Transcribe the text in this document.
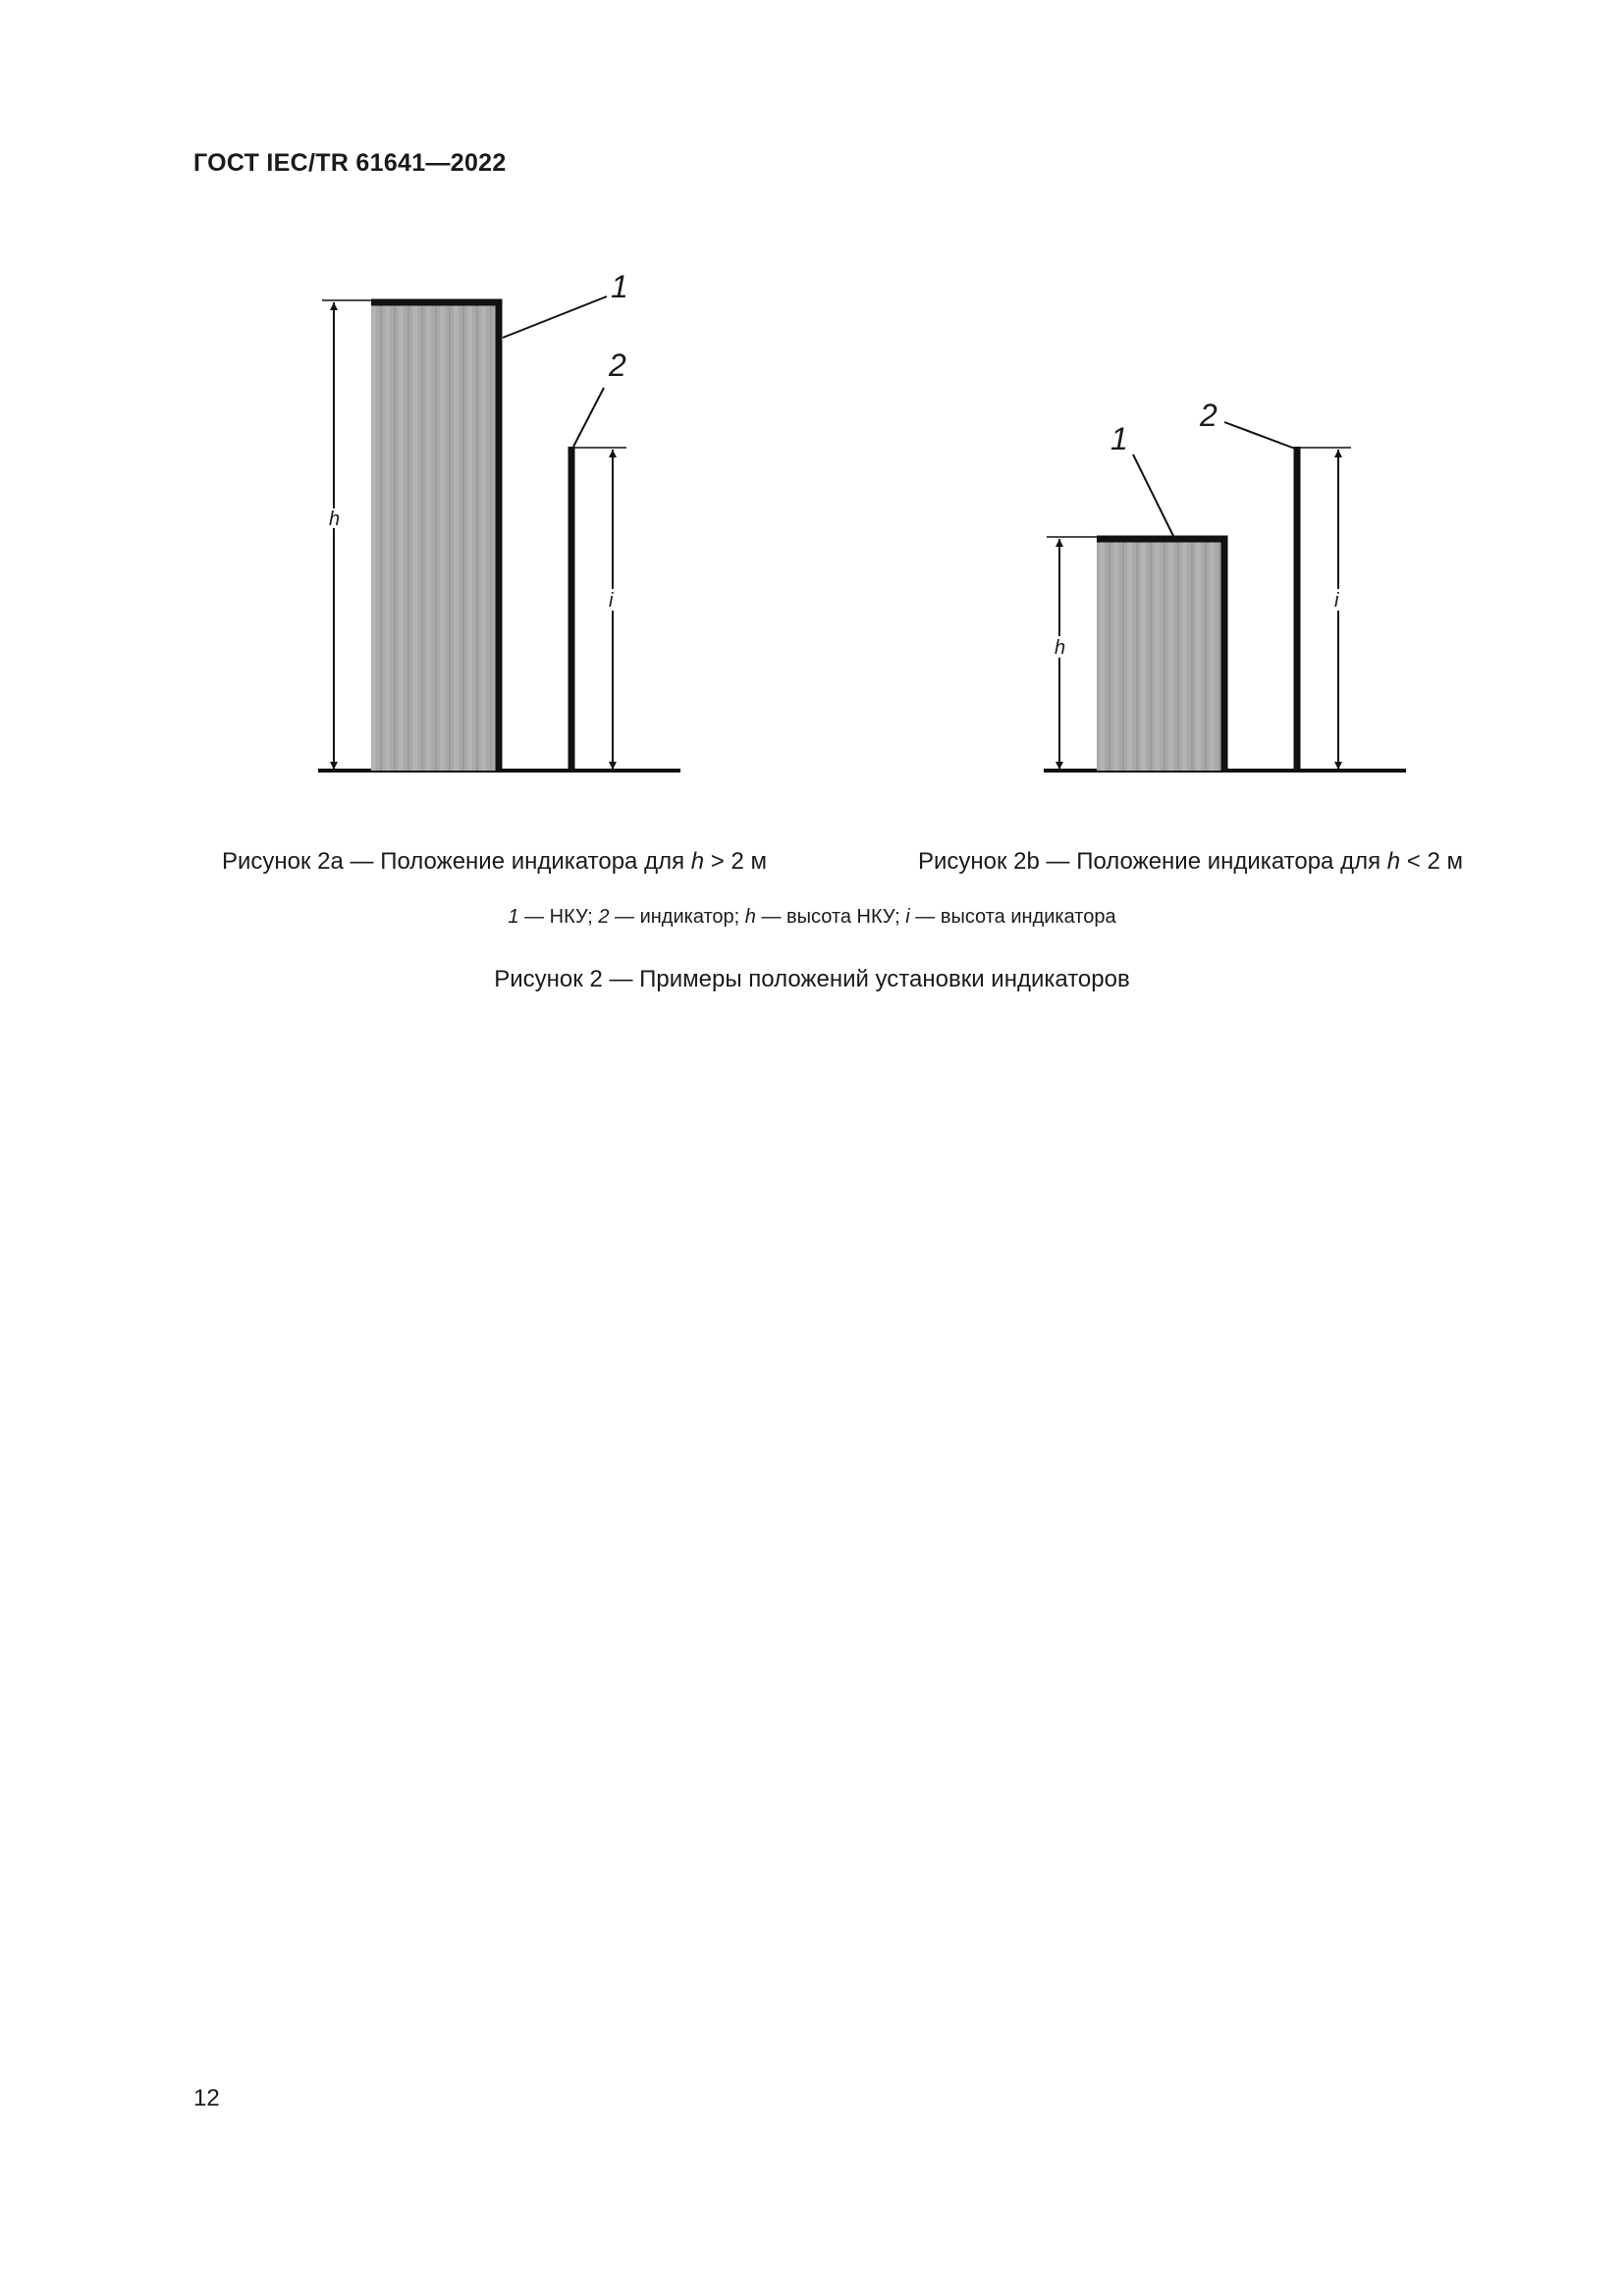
ГОСТ IEC/TR 61641—2022
h
i
1
2
h
i
1
2
Рисунок 2а — Положение индикатора для h > 2 м	Рисунок 2b — Положение индикатора для h < 2 м
1 — НКУ; 2 — индикатор; h — высота НКУ; i — высота индикатора
Рисунок 2 — Примеры положений установки индикаторов
12
